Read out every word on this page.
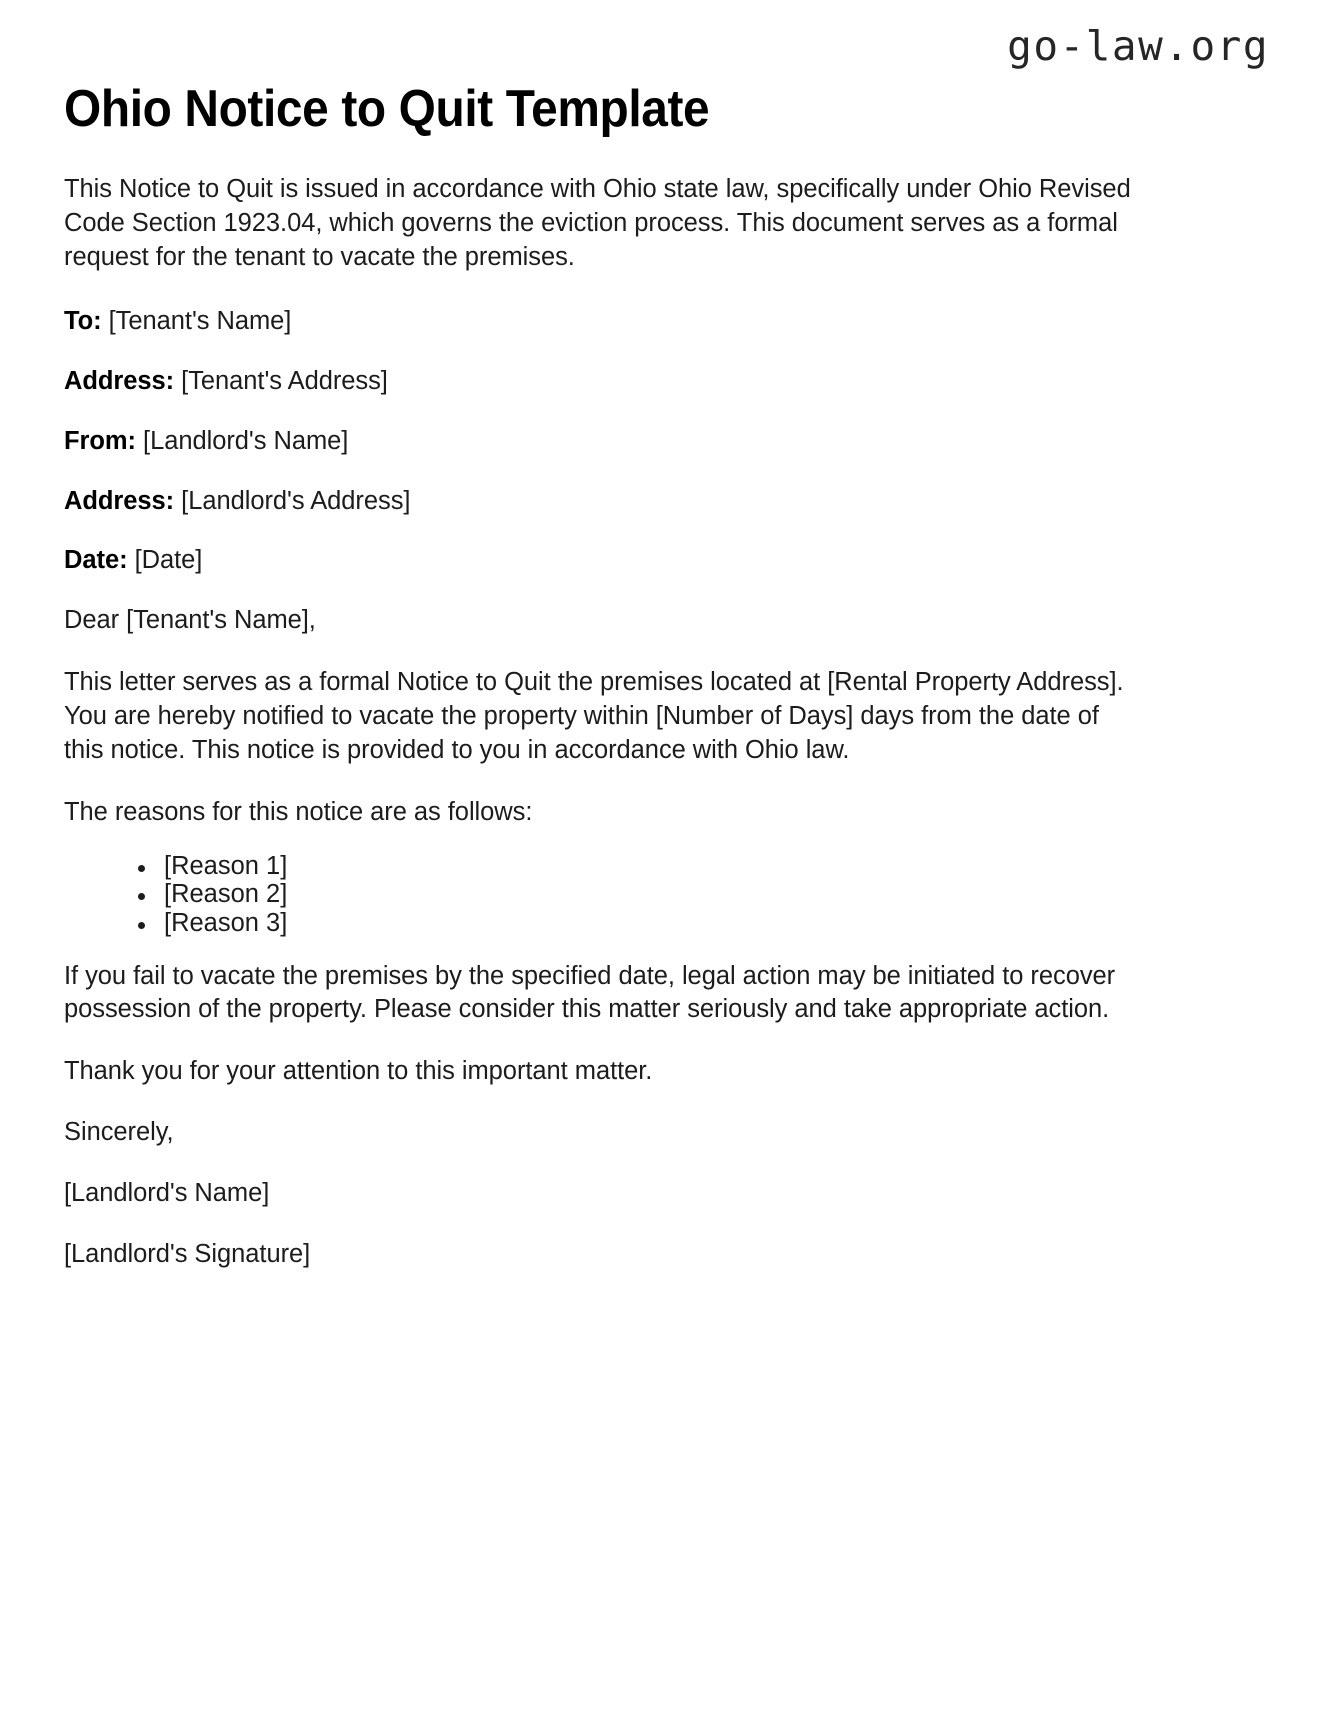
go-law.org
Ohio Notice to Quit Template

This Notice to Quit is issued in accordance with Ohio state law, specifically under Ohio Revised Code Section 1923.04, which governs the eviction process. This document serves as a formal request for the tenant to vacate the premises.

To: [Tenant's Name]

Address: [Tenant's Address]

From: [Landlord's Name]

Address: [Landlord's Address]

Date: [Date]

Dear [Tenant's Name],

This letter serves as a formal Notice to Quit the premises located at [Rental Property Address]. You are hereby notified to vacate the property within [Number of Days] days from the date of this notice. This notice is provided to you in accordance with Ohio law.

The reasons for this notice are as follows:

[Reason 1]
[Reason 2]
[Reason 3]

If you fail to vacate the premises by the specified date, legal action may be initiated to recover possession of the property. Please consider this matter seriously and take appropriate action.

Thank you for your attention to this important matter.

Sincerely,

[Landlord's Name]

[Landlord's Signature]
